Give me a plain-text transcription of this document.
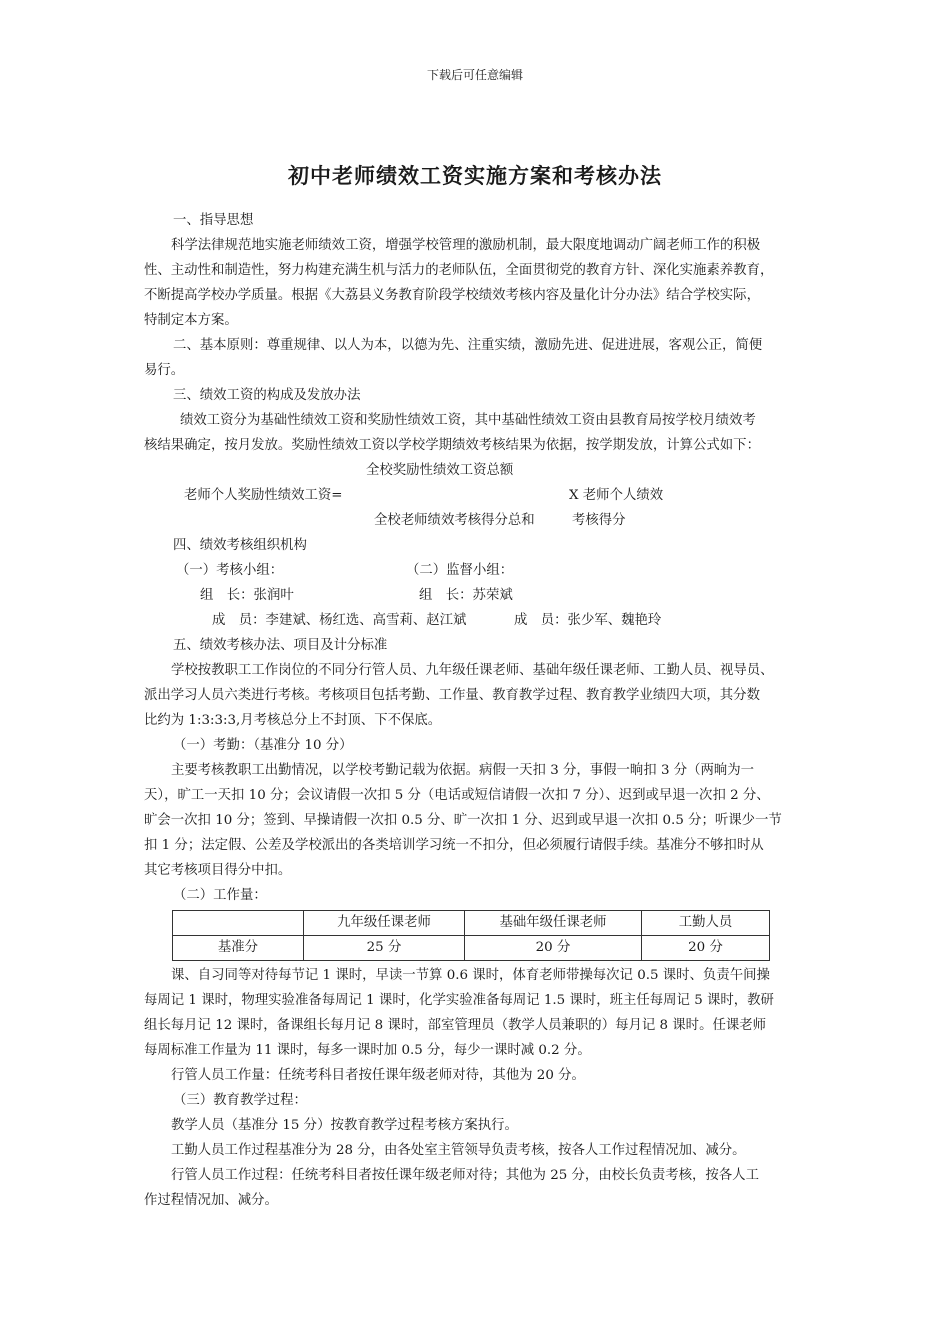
下载后可任意编辑
初中老师绩效工资实施方案和考核办法

一、指导思想

科学法律规范地实施老师绩效工资，增强学校管理的激励机制，最大限度地调动广阔老师工作的积极

性、主动性和制造性，努力构建充满生机与活力的老师队伍，全面贯彻党的教育方针、深化实施素养教育，

不断提高学校办学质量。根据《大荔县义务教育阶段学校绩效考核内容及量化计分办法》结合学校实际，

特制定本方案。

二、基本原则：尊重规律、以人为本，以德为先、注重实绩，激励先进、促进进展，客观公正，简便

易行。

三、绩效工资的构成及发放办法

绩效工资分为基础性绩效工资和奖励性绩效工资，其中基础性绩效工资由县教育局按学校月绩效考

核结果确定，按月发放。奖励性绩效工资以学校学期绩效考核结果为依据，按学期发放，计算公式如下：

全校奖励性绩效工资总额
老师个人奖励性绩效工资=	X 老师个人绩效
全校老师绩效考核得分总和	考核得分

四、绩效考核组织机构

（一）考核小组：	（二）监督小组：
组　长：张润叶	组　长：苏荣斌
成　员：李建斌、杨红选、高雪莉、赵江斌	成　员：张少军、魏艳玲

五、绩效考核办法、项目及计分标准

学校按教职工工作岗位的不同分行管人员、九年级任课老师、基础年级任课老师、工勤人员、视导员、

派出学习人员六类进行考核。考核项目包括考勤、工作量、教育教学过程、教育教学业绩四大项，其分数

比约为 1:3:3:3,月考核总分上不封顶、下不保底。

（一）考勤：（基准分 10 分）

主要考核教职工出勤情况，以学校考勤记载为依据。病假一天扣 3 分，事假一晌扣 3 分（两晌为一

天），旷工一天扣 10 分；会议请假一次扣 5 分（电话或短信请假一次扣 7 分）、迟到或早退一次扣 2 分、

旷会一次扣 10 分；签到、早操请假一次扣 0.5 分、旷一次扣 1 分、迟到或早退一次扣 0.5 分；听课少一节

扣 1 分；法定假、公差及学校派出的各类培训学习统一不扣分，但必须履行请假手续。基准分不够扣时从

其它考核项目得分中扣。

（二）工作量：

	九年级任课老师	基础年级任课老师	工勤人员
基准分	25 分	20 分	20 分

课、自习同等对待每节记 1 课时，早读一节算 0.6 课时，体育老师带操每次记 0.5 课时、负责午间操

每周记 1 课时，物理实验准备每周记 1 课时，化学实验准备每周记 1.5 课时，班主任每周记 5 课时，教研

组长每月记 12 课时，备课组长每月记 8 课时，部室管理员（教学人员兼职的）每月记 8 课时。任课老师

每周标准工作量为 11 课时，每多一课时加 0.5 分，每少一课时减 0.2 分。

行管人员工作量：任统考科目者按任课年级老师对待，其他为 20 分。

（三）教育教学过程：

教学人员（基准分 15 分）按教育教学过程考核方案执行。

工勤人员工作过程基准分为 28 分，由各处室主管领导负责考核，按各人工作过程情况加、减分。

行管人员工作过程：任统考科目者按任课年级老师对待；其他为 25 分，由校长负责考核，按各人工

作过程情况加、减分。
